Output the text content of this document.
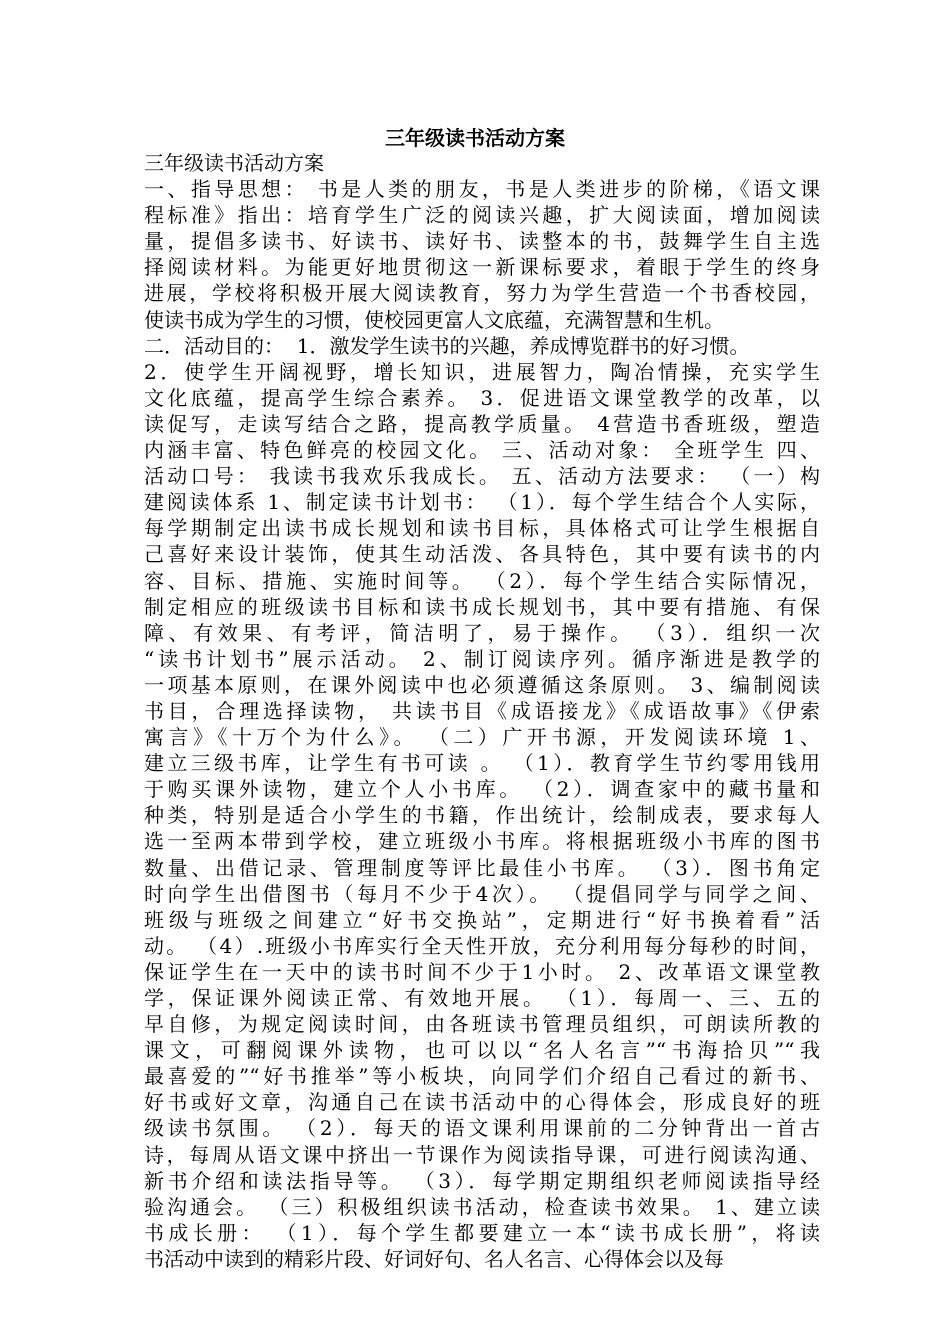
三年级读书活动方案
三年级读书活动方案
一、指导思想： 书是人类的朋友，书是人类进步的阶梯，《语文课
程标准》指出：培育学生广泛的阅读兴趣，扩大阅读面，增加阅读
量，提倡多读书、好读书、读好书、读整本的书，鼓舞学生自主选
择阅读材料。为能更好地贯彻这一新课标要求，着眼于学生的终身
进展，学校将积极开展大阅读教育，努力为学生营造一个书香校园，
使读书成为学生的习惯，使校园更富人文底蕴，充满智慧和生机。
二．活动目的：  1．激发学生读书的兴趣，养成博览群书的好习惯。
2．使学生开阔视野，增长知识，进展智力，陶冶情操，充实学生
文化底蕴，提高学生综合素养。 3．促进语文课堂教学的改革，以
读促写，走读写结合之路，提高教学质量。 4营造书香班级，塑造
内涵丰富、特色鲜亮的校园文化。 三、活动对象： 全班学生 四、
活动口号： 我读书我欢乐我成长。 五、活动方法要求： （一）构
建阅读体系 1、制定读书计划书： （1）．每个学生结合个人实际，
每学期制定出读书成长规划和读书目标，具体格式可让学生根据自
己喜好来设计装饰，使其生动活泼、各具特色，其中要有读书的内
容、目标、措施、实施时间等。 （2）．每个学生结合实际情况，
制定相应的班级读书目标和读书成长规划书，其中要有措施、有保
障、有效果、有考评，简洁明了，易于操作。 （3）．组织一次
“读书计划书”展示活动。 2、制订阅读序列。循序渐进是教学的
一项基本原则，在课外阅读中也必须遵循这条原则。 3、编制阅读
书目，合理选择读物， 共读书目《成语接龙》《成语故事》《伊索
寓言》《十万个为什么》。 （二）广开书源，开发阅读环境 1、
建立三级书库，让学生有书可读 。 （1）．教育学生节约零用钱用
于购买课外读物，建立个人小书库。 （2）．调查家中的藏书量和
种类，特别是适合小学生的书籍，作出统计，绘制成表，要求每人
选一至两本带到学校，建立班级小书库。将根据班级小书库的图书
数量、出借记录、管理制度等评比最佳小书库。 （3）．图书角定
时向学生出借图书（每月不少于4次）。 （提倡同学与同学之间、
班级与班级之间建立“好书交换站”，定期进行“好书换着看”活
动。 （4）.班级小书库实行全天性开放，充分利用每分每秒的时间，
保证学生在一天中的读书时间不少于1小时。 2、改革语文课堂教
学，保证课外阅读正常、有效地开展。 （1）．每周一、三、五的
早自修，为规定阅读时间，由各班读书管理员组织，可朗读所教的
课文，可翻阅课外读物，也可以以“名人名言”“书海拾贝”“我
最喜爱的”“好书推举”等小板块，向同学们介绍自己看过的新书、
好书或好文章，沟通自己在读书活动中的心得体会，形成良好的班
级读书氛围。 （2）．每天的语文课利用课前的二分钟背出一首古
诗，每周从语文课中挤出一节课作为阅读指导课，可进行阅读沟通、
新书介绍和读法指导等。 （3）．每学期定期组织老师阅读指导经
验沟通会。 （三）积极组织读书活动，检查读书效果。 1、建立读
书成长册： （1）．每个学生都要建立一本“读书成长册”，将读
书活动中读到的精彩片段、好词好句、名人名言、心得体会以及每
